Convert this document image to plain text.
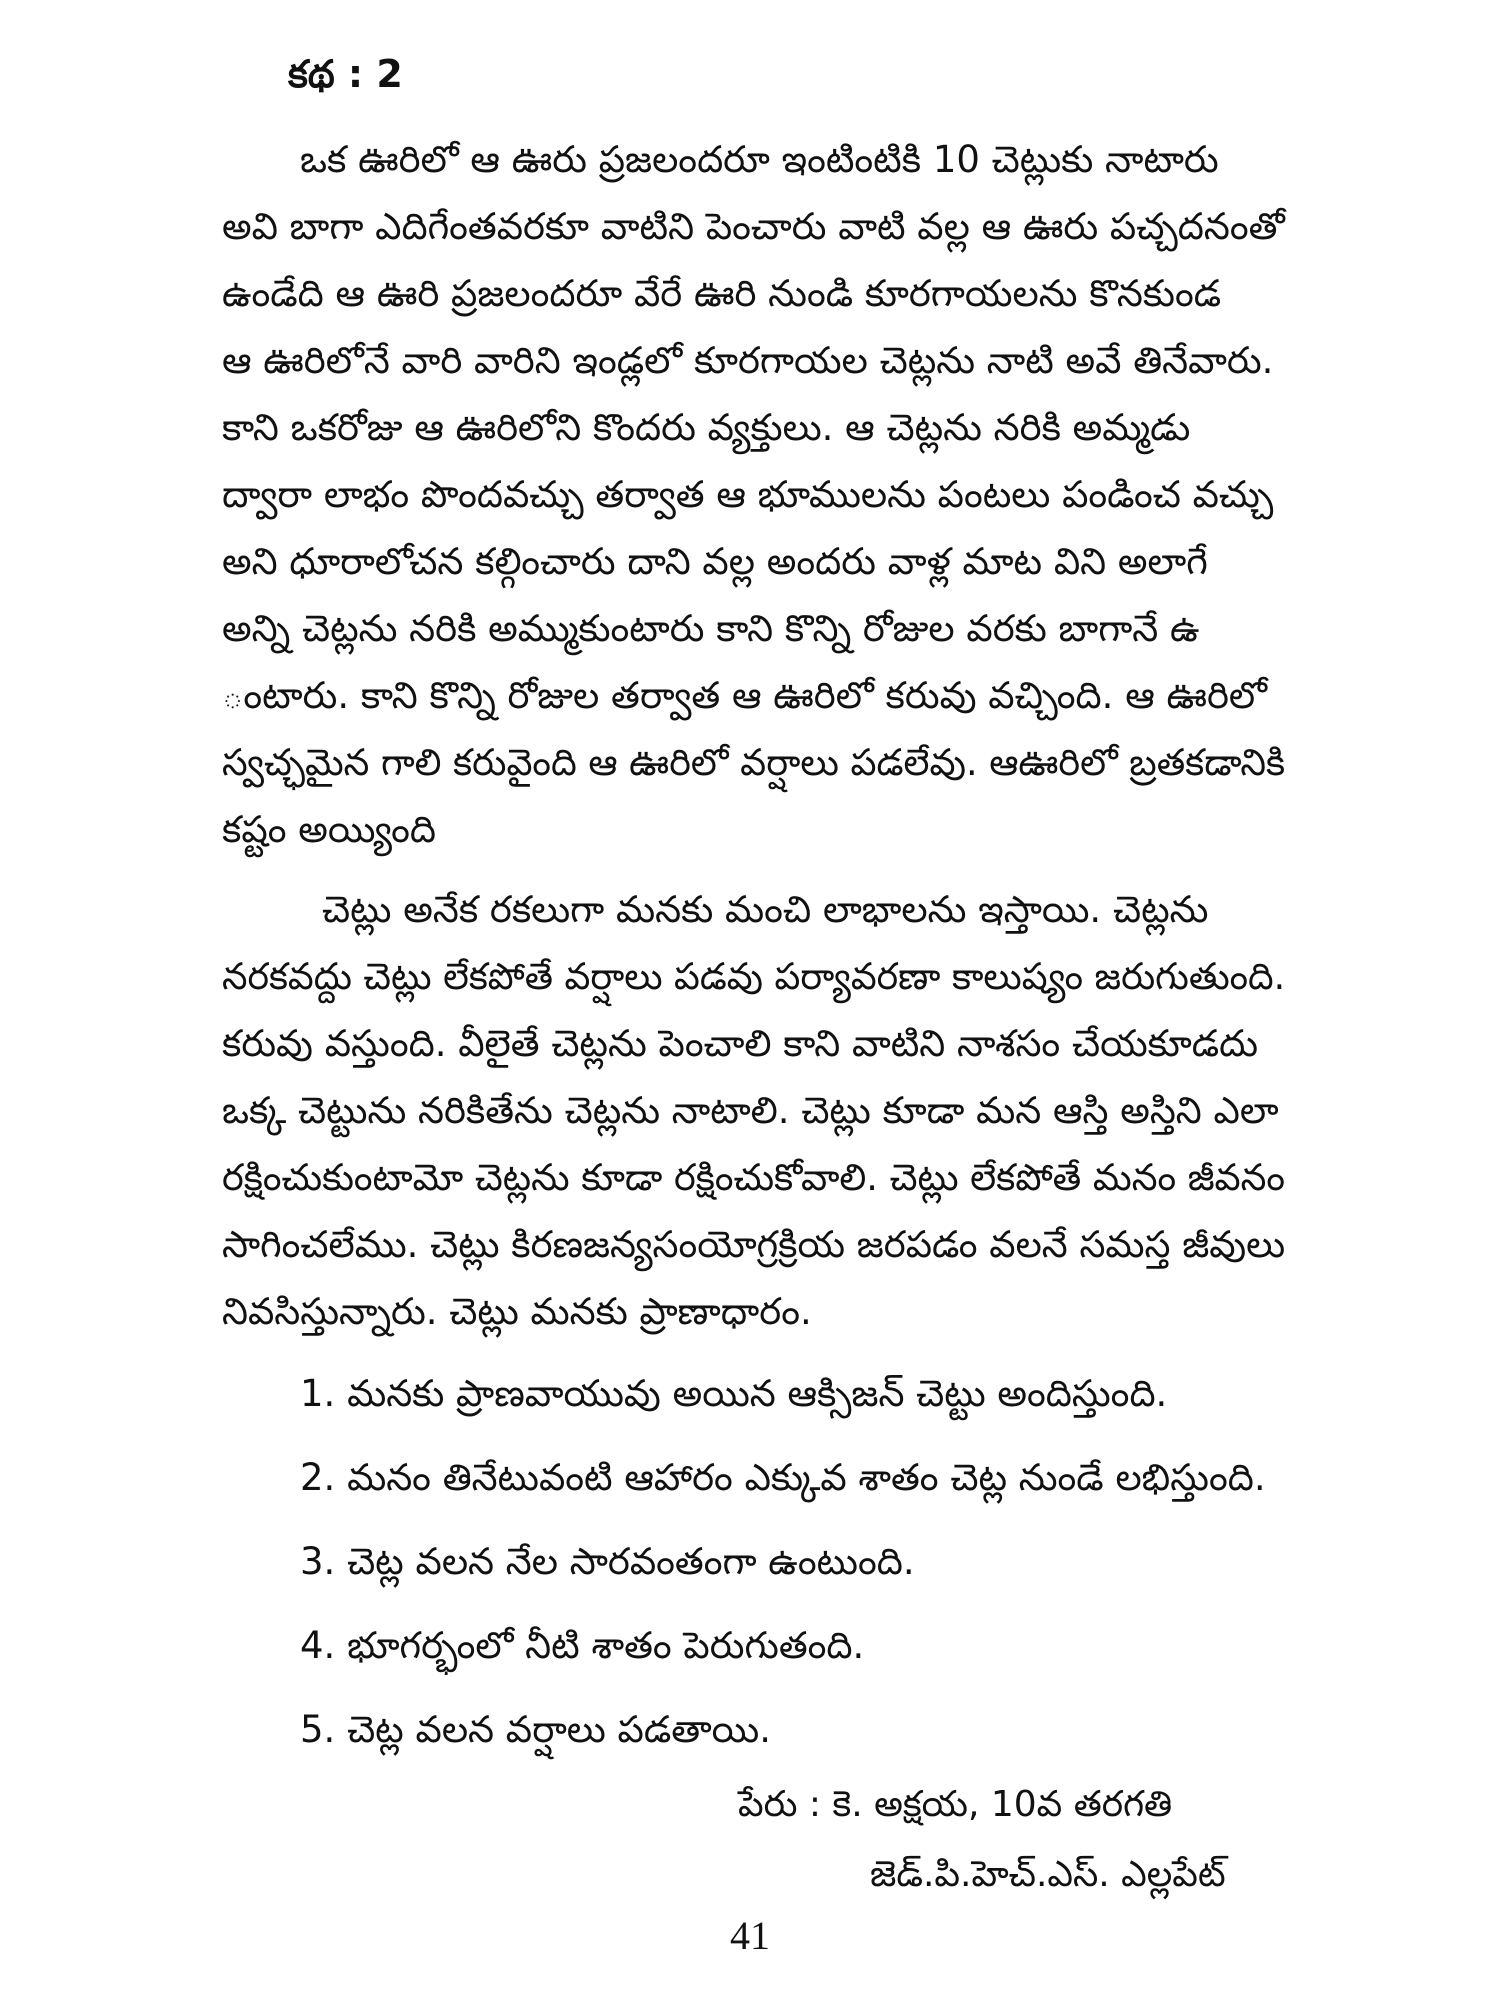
కథ : 2
ఒక ఊరిలో ఆ ఊరు ప్రజలందరూ ఇంటింటికి 10 చెట్లుకు నాటారు
అవి బాగా ఎదిగేంతవరకూ వాటిని పెంచారు వాటి వల్ల ఆ ఊరు పచ్చదనంతో
ఉండేది ఆ ఊరి ప్రజలందరూ వేరే ఊరి నుండి కూరగాయలను కొనకుండ
ఆ ఊరిలోనే వారి వారిని ఇండ్లలో కూరగాయల చెట్లను నాటి అవే తినేవారు.
కాని ఒకరోజు ఆ ఊరిలోని కొందరు వ్యక్తులు. ఆ చెట్లను నరికి అమ్మడు
ద్వారా లాభం పొందవచ్చు తర్వాత ఆ భూములను పంటలు పండించ వచ్చు
అని ధూరాలోచన కల్గించారు దాని వల్ల అందరు వాళ్ల మాట విని అలాగే
అన్ని చెట్లను నరికి అమ్ముకుంటారు కాని కొన్ని రోజుల వరకు బాగానే ఉ
ంటారు. కాని కొన్ని రోజుల తర్వాత ఆ ఊరిలో కరువు వచ్చింది. ఆ ఊరిలో
స్వచ్ఛమైన గాలి కరువైంది ఆ ఊరిలో వర్షాలు పడలేవు. ఆఊరిలో బ్రతకడానికి
కష్టం అయ్యింది
చెట్లు అనేక రకలుగా మనకు మంచి లాభాలను ఇస్తాయి. చెట్లను
నరకవద్దు చెట్లు లేకపోతే వర్షాలు పడవు పర్యావరణా కాలుష్యం జరుగుతుంది.
కరువు వస్తుంది. వీలైతే చెట్లను పెంచాలి కాని వాటిని నాశసం చేయకూడదు
ఒక్క చెట్టును నరికితేను చెట్లను నాటాలి. చెట్లు కూడా మన ఆస్తి అస్తిని ఎలా
రక్షించుకుంటామో చెట్లను కూడా రక్షించుకోవాలి. చెట్లు లేకపోతే మనం జీవనం
సాగించలేము. చెట్లు కిరణజన్యసంయోగ్రక్రియ జరపడం వలనే సమస్త జీవులు
నివసిస్తున్నారు. చెట్లు మనకు ప్రాణాధారం.
1. మనకు ప్రాణవాయువు అయిన ఆక్సిజన్ చెట్టు అందిస్తుంది.
2. మనం తినేటువంటి ఆహారం ఎక్కువ శాతం చెట్ల నుండే లభిస్తుంది.
3. చెట్ల వలన నేల సారవంతంగా ఉంటుంది.
4. భూగర్భంలో నీటి శాతం పెరుగుతంది.
5. చెట్ల వలన వర్షాలు పడతాయి.
పేరు : కె. అక్షయ, 10వ తరగతి
జెడ్.పి.హెచ్.ఎస్. ఎల్లపేట్
41
